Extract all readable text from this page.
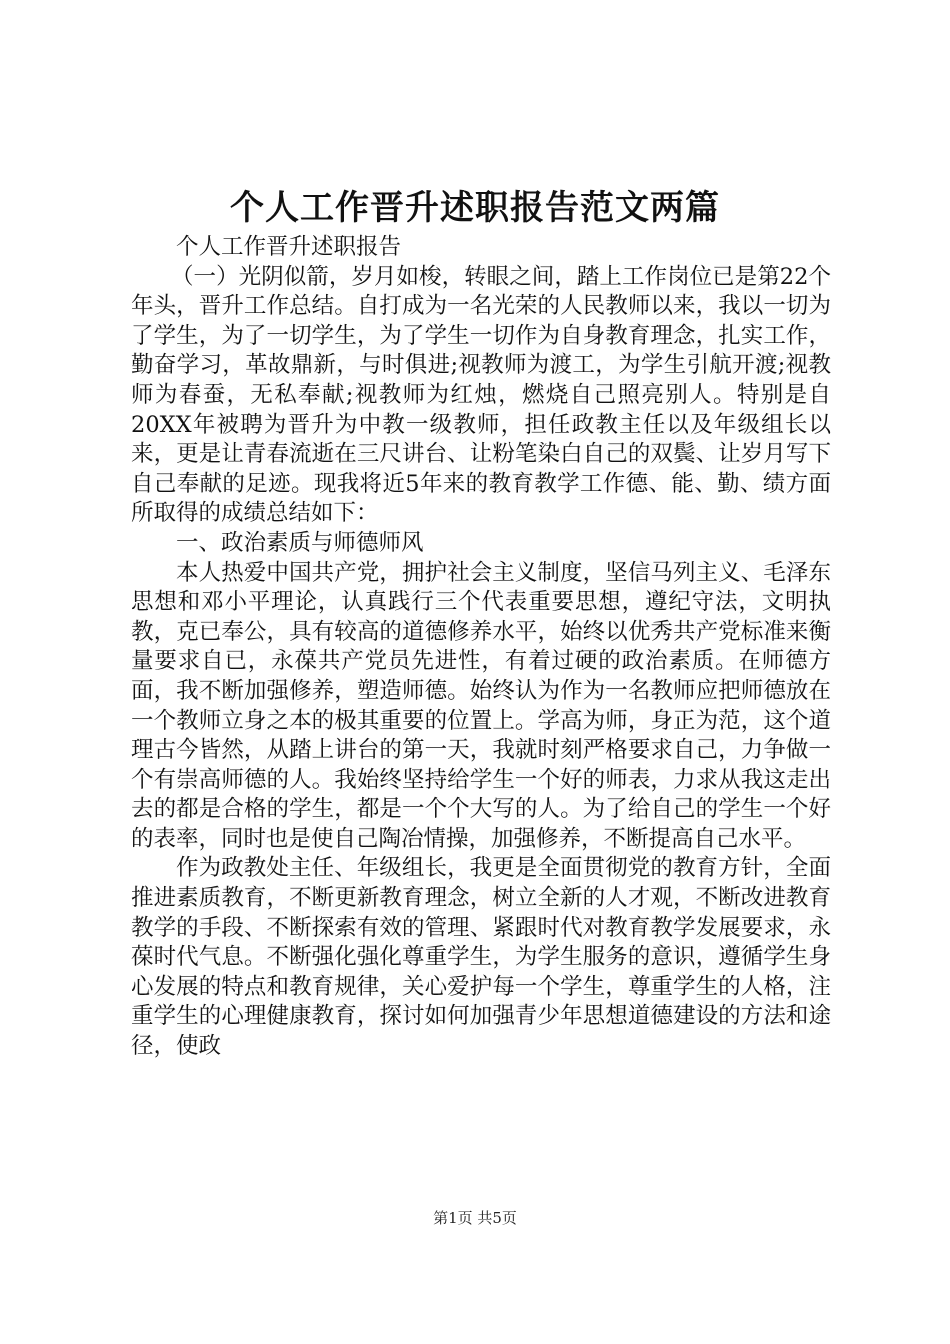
个人工作晋升述职报告范文两篇

个人工作晋升述职报告

（一）光阴似箭，岁月如梭，转眼之间，踏上工作岗位已是第22个年头，晋升工作总结。自打成为一名光荣的人民教师以来，我以一切为了学生，为了一切学生，为了学生一切作为自身教育理念，扎实工作，勤奋学习，革故鼎新，与时俱进;视教师为渡工，为学生引航开渡;视教师为春蚕，无私奉献;视教师为红烛，燃烧自己照亮别人。特别是自20XX年被聘为晋升为中教一级教师，担任政教主任以及年级组长以来，更是让青春流逝在三尺讲台、让粉笔染白自己的双鬓、让岁月写下自己奉献的足迹。现我将近5年来的教育教学工作德、能、勤、绩方面所取得的成绩总结如下：

一、政治素质与师德师风

本人热爱中国共产党，拥护社会主义制度，坚信马列主义、毛泽东思想和邓小平理论，认真践行三个代表重要思想，遵纪守法，文明执教，克已奉公，具有较高的道德修养水平，始终以优秀共产党标准来衡量要求自已，永葆共产党员先进性，有着过硬的政治素质。在师德方面，我不断加强修养，塑造师德。始终认为作为一名教师应把师德放在一个教师立身之本的极其重要的位置上。学高为师，身正为范，这个道理古今皆然，从踏上讲台的第一天，我就时刻严格要求自己，力争做一个有崇高师德的人。我始终坚持给学生一个好的师表，力求从我这走出去的都是合格的学生，都是一个个大写的人。为了给自己的学生一个好的表率，同时也是使自己陶冶情操，加强修养，不断提高自己水平。

作为政教处主任、年级组长，我更是全面贯彻党的教育方针，全面推进素质教育，不断更新教育理念，树立全新的人才观，不断改进教育教学的手段、不断探索有效的管理、紧跟时代对教育教学发展要求，永葆时代气息。不断强化强化尊重学生，为学生服务的意识，遵循学生身心发展的特点和教育规律，关心爱护每一个学生，尊重学生的人格，注重学生的心理健康教育，探讨如何加强青少年思想道德建设的方法和途径，使政

第1页 共5页
